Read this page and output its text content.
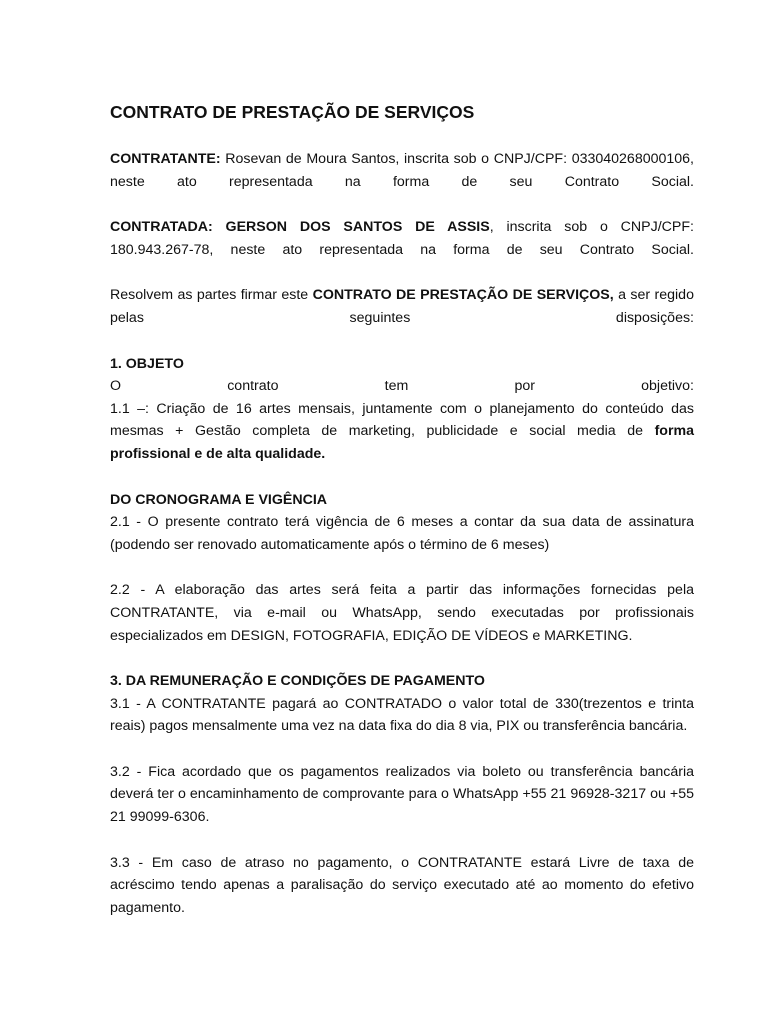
CONTRATO DE PRESTAÇÃO DE SERVIÇOS

CONTRATANTE: Rosevan de Moura Santos, inscrita sob o CNPJ/CPF: 033040268000106, neste ato representada na forma de seu Contrato Social.

CONTRATADA: GERSON DOS SANTOS DE ASSIS, inscrita sob o CNPJ/CPF: 180.943.267-78, neste ato representada na forma de seu Contrato Social.

Resolvem as partes firmar este CONTRATO DE PRESTAÇÃO DE SERVIÇOS, a ser regido pelas seguintes disposições:

1. OBJETO

O contrato tem por objetivo:

1.1 –: Criação de 16 artes mensais, juntamente com o planejamento do conteúdo das mesmas + Gestão completa de marketing, publicidade e social media de forma profissional e de alta qualidade.

DO CRONOGRAMA E VIGÊNCIA

2.1 - O presente contrato terá vigência de 6 meses a contar da sua data de assinatura (podendo ser renovado automaticamente após o término de 6 meses)

2.2 - A elaboração das artes será feita a partir das informações fornecidas pela CONTRATANTE, via e-mail ou WhatsApp, sendo executadas por profissionais especializados em DESIGN, FOTOGRAFIA, EDIÇÃO DE VÍDEOS e MARKETING.

3. DA REMUNERAÇÃO E CONDIÇÕES DE PAGAMENTO

3.1 - A CONTRATANTE pagará ao CONTRATADO o valor total de 330(trezentos e trinta reais) pagos mensalmente uma vez na data fixa do dia 8 via, PIX ou transferência bancária.

3.2 - Fica acordado que os pagamentos realizados via boleto ou transferência bancária deverá ter o encaminhamento de comprovante para o WhatsApp +55 21 96928-3217 ou +55 21 99099-6306.

3.3 - Em caso de atraso no pagamento, o CONTRATANTE estará Livre de taxa de acréscimo tendo apenas a paralisação do serviço executado até ao momento do efetivo pagamento.
